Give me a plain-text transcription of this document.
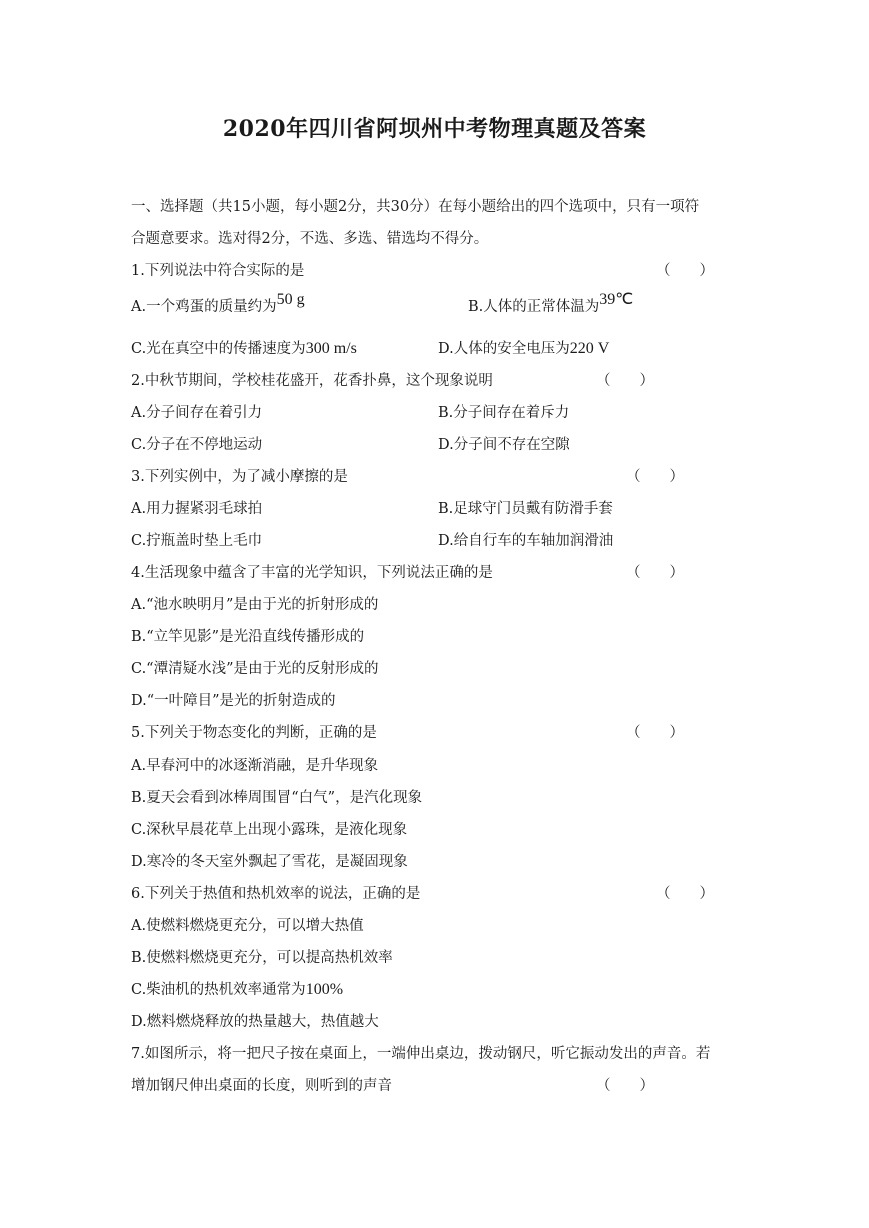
2020年四川省阿坝州中考物理真题及答案
一、选择题（共15小题，每小题2分，共30分）在每小题给出的四个选项中，只有一项符
合题意要求。选对得2分，不选、多选、错选均不得分。
1.下列说法中符合实际的是	（　　）
A.一个鸡蛋的质量约为50 g	B.人体的正常体温为39℃
C.光在真空中的传播速度为300 m/s	D.人体的安全电压为220 V
2.中秋节期间，学校桂花盛开，花香扑鼻，这个现象说明	（　　）
A.分子间存在着引力	B.分子间存在着斥力
C.分子在不停地运动	D.分子间不存在空隙
3.下列实例中，为了减小摩擦的是	（　　）
A.用力握紧羽毛球拍	B.足球守门员戴有防滑手套
C.拧瓶盖时垫上毛巾	D.给自行车的车轴加润滑油
4.生活现象中蕴含了丰富的光学知识，下列说法正确的是	（　　）
A.“池水映明月”是由于光的折射形成的
B.“立竿见影”是光沿直线传播形成的
C.“潭清疑水浅”是由于光的反射形成的
D.“一叶障目”是光的折射造成的
5.下列关于物态变化的判断，正确的是	（　　）
A.早春河中的冰逐渐消融，是升华现象
B.夏天会看到冰棒周围冒“白气”，是汽化现象
C.深秋早晨花草上出现小露珠，是液化现象
D.寒冷的冬天室外飘起了雪花，是凝固现象
6.下列关于热值和热机效率的说法，正确的是	（　　）
A.使燃料燃烧更充分，可以增大热值
B.使燃料燃烧更充分，可以提高热机效率
C.柴油机的热机效率通常为100%
D.燃料燃烧释放的热量越大，热值越大
7.如图所示，将一把尺子按在桌面上，一端伸出桌边，拨动钢尺，听它振动发出的声音。若
增加钢尺伸出桌面的长度，则听到的声音	（　　）
